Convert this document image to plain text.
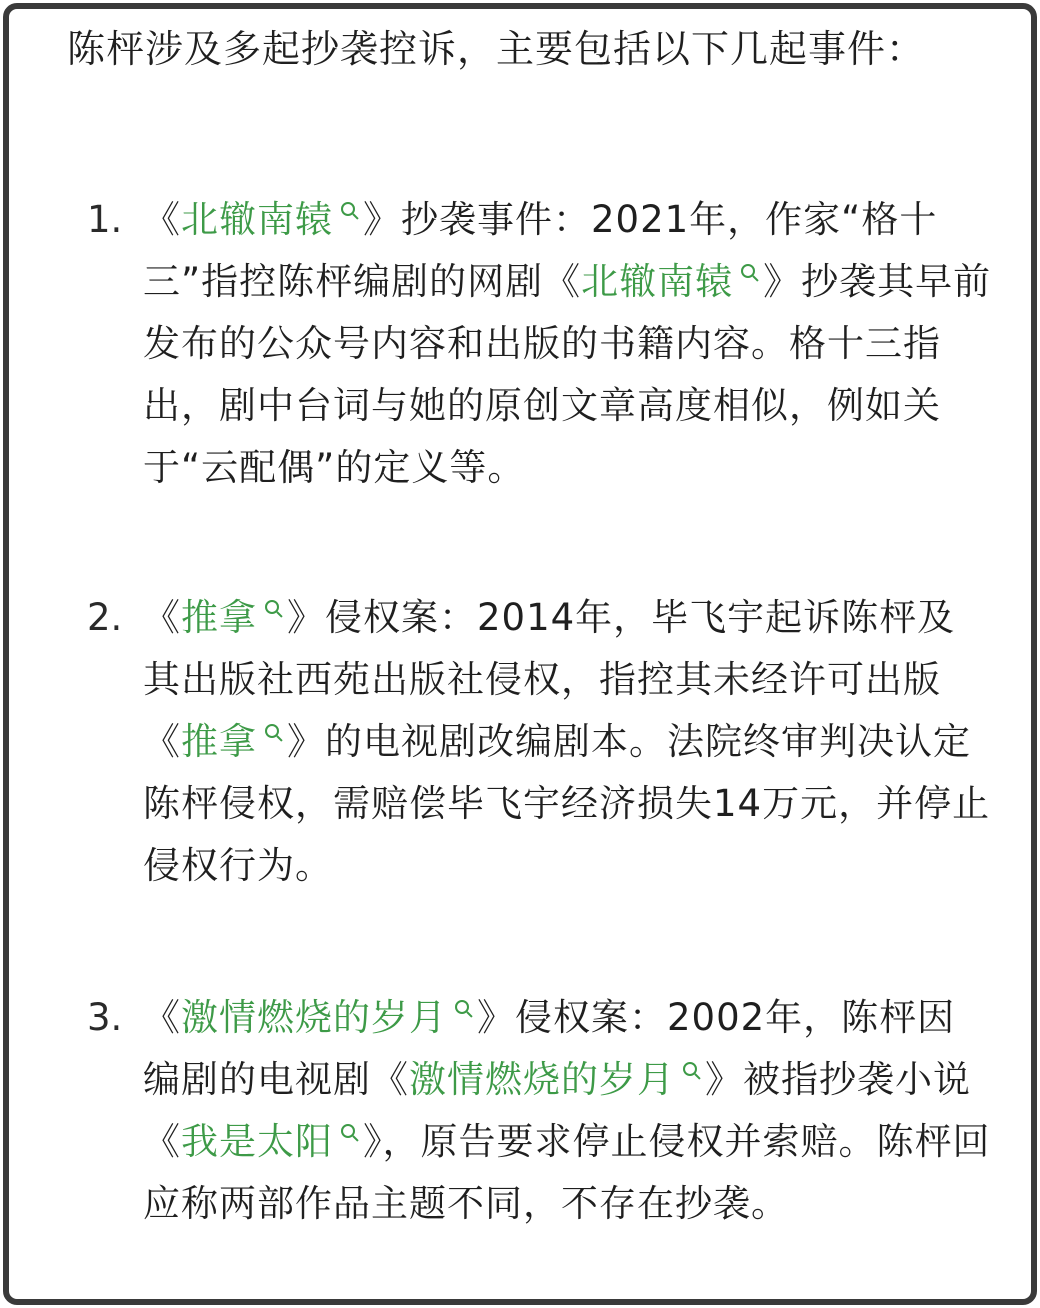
陈枰涉及多起抄袭控诉，主要包括以下几起事件：
1. 《北辙南辕 》抄袭事件：2021年，作家“格十三”指控陈枰编剧的网剧《北辙南辕 》抄袭其早前发布的公众号内容和出版的书籍内容。格十三指出，剧中台词与她的原创文章高度相似，例如关于“云配偶”的定义等。
2. 《推拿 》侵权案：2014年，毕飞宇起诉陈枰及其出版社西苑出版社侵权，指控其未经许可出版《推拿 》的电视剧改编剧本。法院终审判决认定陈枰侵权，需赔偿毕飞宇经济损失14万元，并停止侵权行为。
3. 《激情燃烧的岁月 》侵权案：2002年，陈枰因编剧的电视剧《激情燃烧的岁月 》被指抄袭小说《我是太阳 》，原告要求停止侵权并索赔。陈枰回应称两部作品主题不同，不存在抄袭。
